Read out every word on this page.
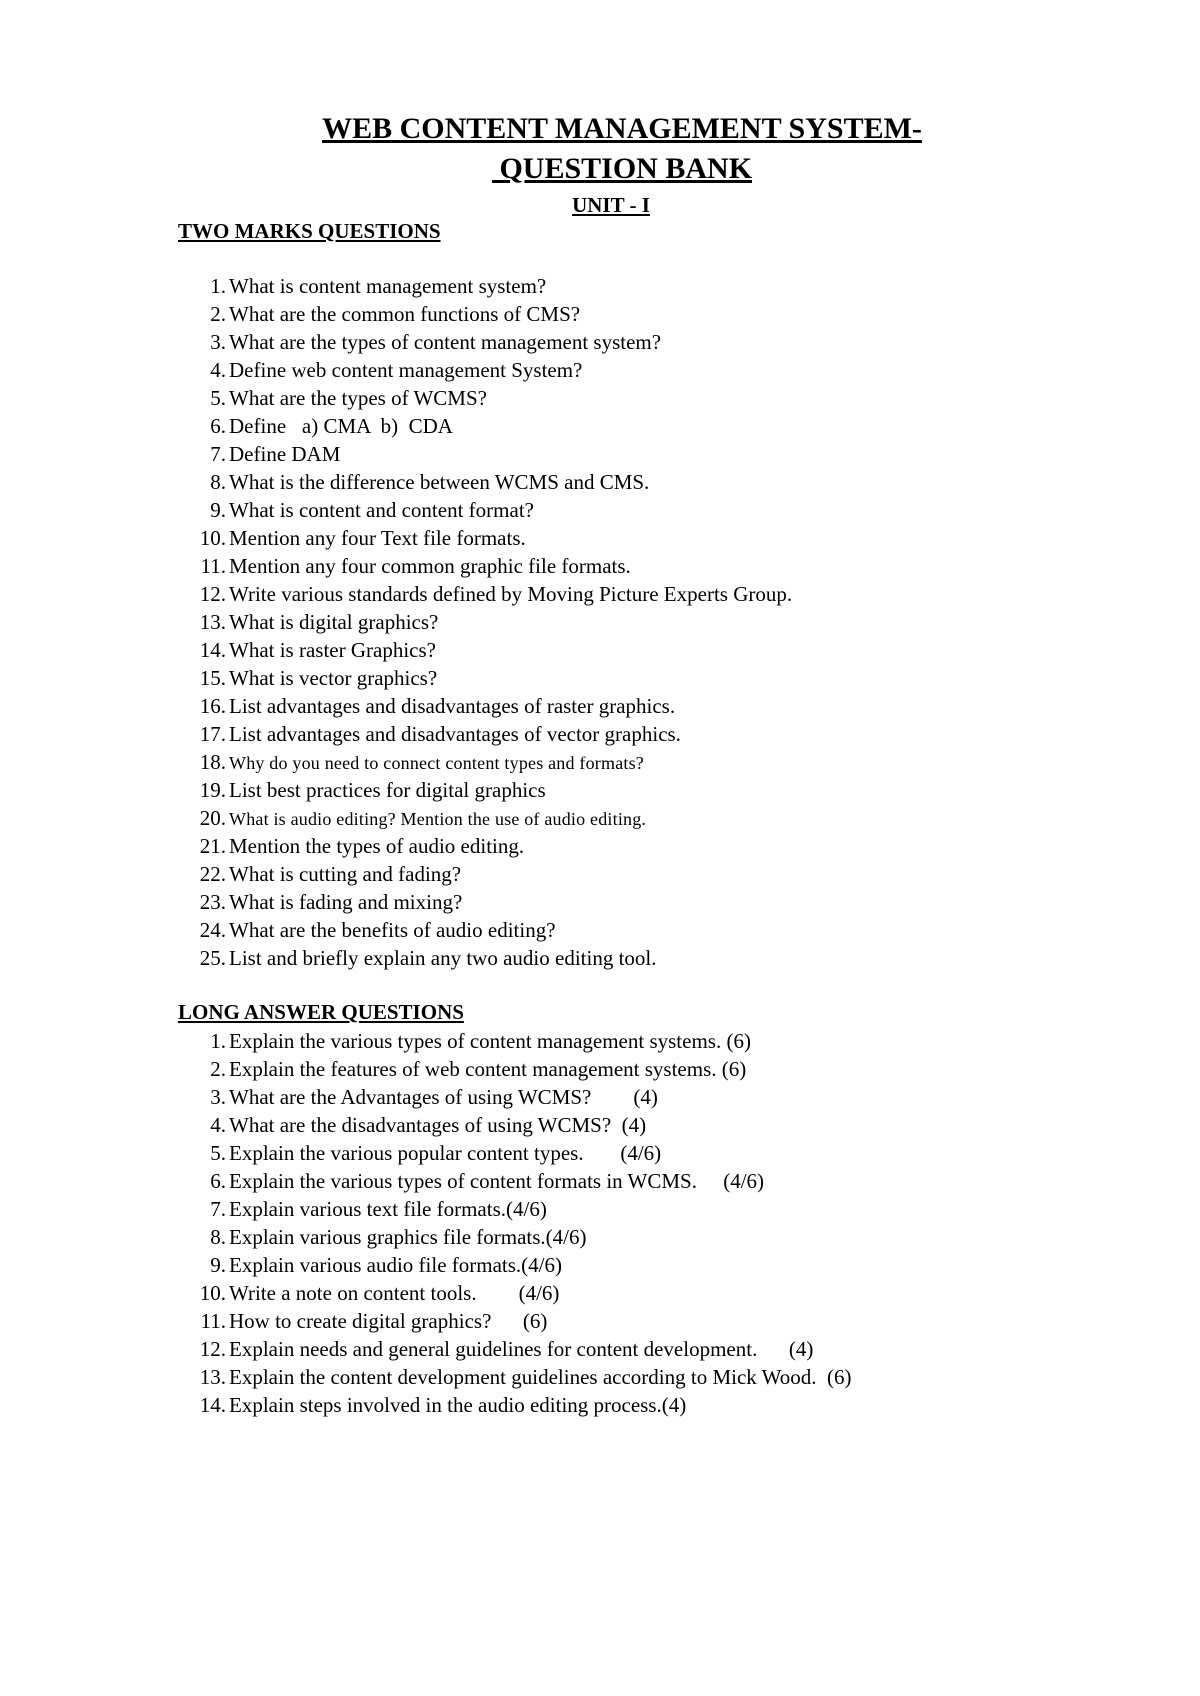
WEB CONTENT MANAGEMENT SYSTEM-
QUESTION BANK
UNIT - I
TWO MARKS QUESTIONS
1. What is content management system?
2. What are the common functions of CMS?
3. What are the types of content management system?
4. Define web content management System?
5. What are the types of WCMS?
6. Define   a) CMA  b)  CDA
7. Define DAM
8. What is the difference between WCMS and CMS.
9. What is content and content format?
10. Mention any four Text file formats.
11. Mention any four common graphic file formats.
12. Write various standards defined by Moving Picture Experts Group.
13. What is digital graphics?
14. What is raster Graphics?
15. What is vector graphics?
16. List advantages and disadvantages of raster graphics.
17. List advantages and disadvantages of vector graphics.
18. Why do you need to connect content types and formats?
19. List best practices for digital graphics
20. What is audio editing? Mention the use of audio editing.
21. Mention the types of audio editing.
22. What is cutting and fading?
23. What is fading and mixing?
24. What are the benefits of audio editing?
25. List and briefly explain any two audio editing tool.
LONG ANSWER QUESTIONS
1. Explain the various types of content management systems. (6)
2. Explain the features of web content management systems. (6)
3. What are the Advantages of using WCMS?        (4)
4. What are the disadvantages of using WCMS?  (4)
5. Explain the various popular content types.       (4/6)
6. Explain the various types of content formats in WCMS.     (4/6)
7. Explain various text file formats.(4/6)
8. Explain various graphics file formats.(4/6)
9. Explain various audio file formats.(4/6)
10. Write a note on content tools.        (4/6)
11. How to create digital graphics?      (6)
12. Explain needs and general guidelines for content development.      (4)
13. Explain the content development guidelines according to Mick Wood.  (6)
14. Explain steps involved in the audio editing process.(4)
